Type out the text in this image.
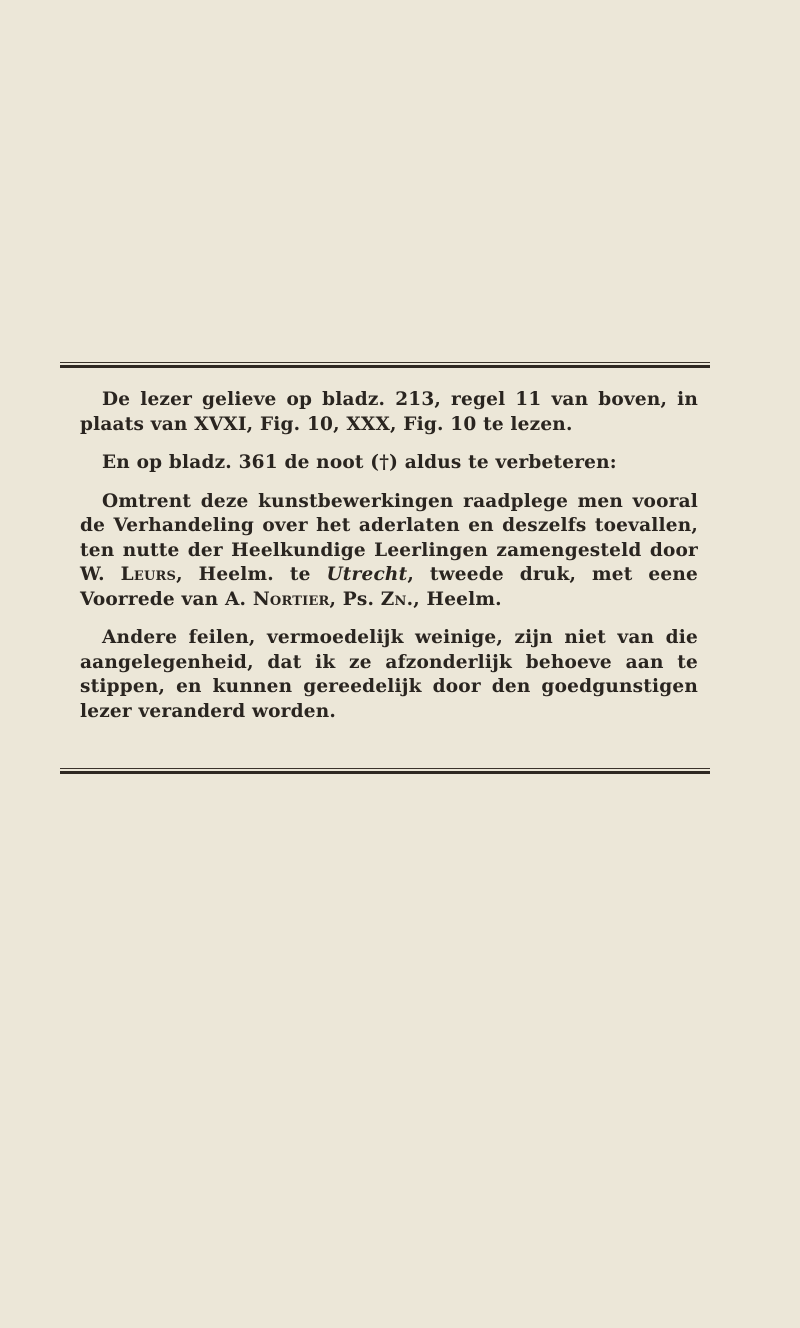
De lezer gelieve op bladz. 213, regel 11 van boven, in plaats van XVXI, Fig. 10, XXX, Fig. 10 te lezen.

En op bladz. 361 de noot (†) aldus te verbeteren:

Omtrent deze kunstbewerkingen raadplege men vooral de Verhandeling over het aderlaten en deszelfs toevallen, ten nutte der Heelkundige Leerlingen zamengesteld door W. Leurs, Heelm. te Utrecht, tweede druk, met eene Voorrede van A. Nortier, Ps. Zn., Heelm.

Andere feilen, vermoedelijk weinige, zijn niet van die aangelegenheid, dat ik ze afzonderlijk behoeve aan te stippen, en kunnen gereedelijk door den goedgunstigen lezer veranderd worden.
